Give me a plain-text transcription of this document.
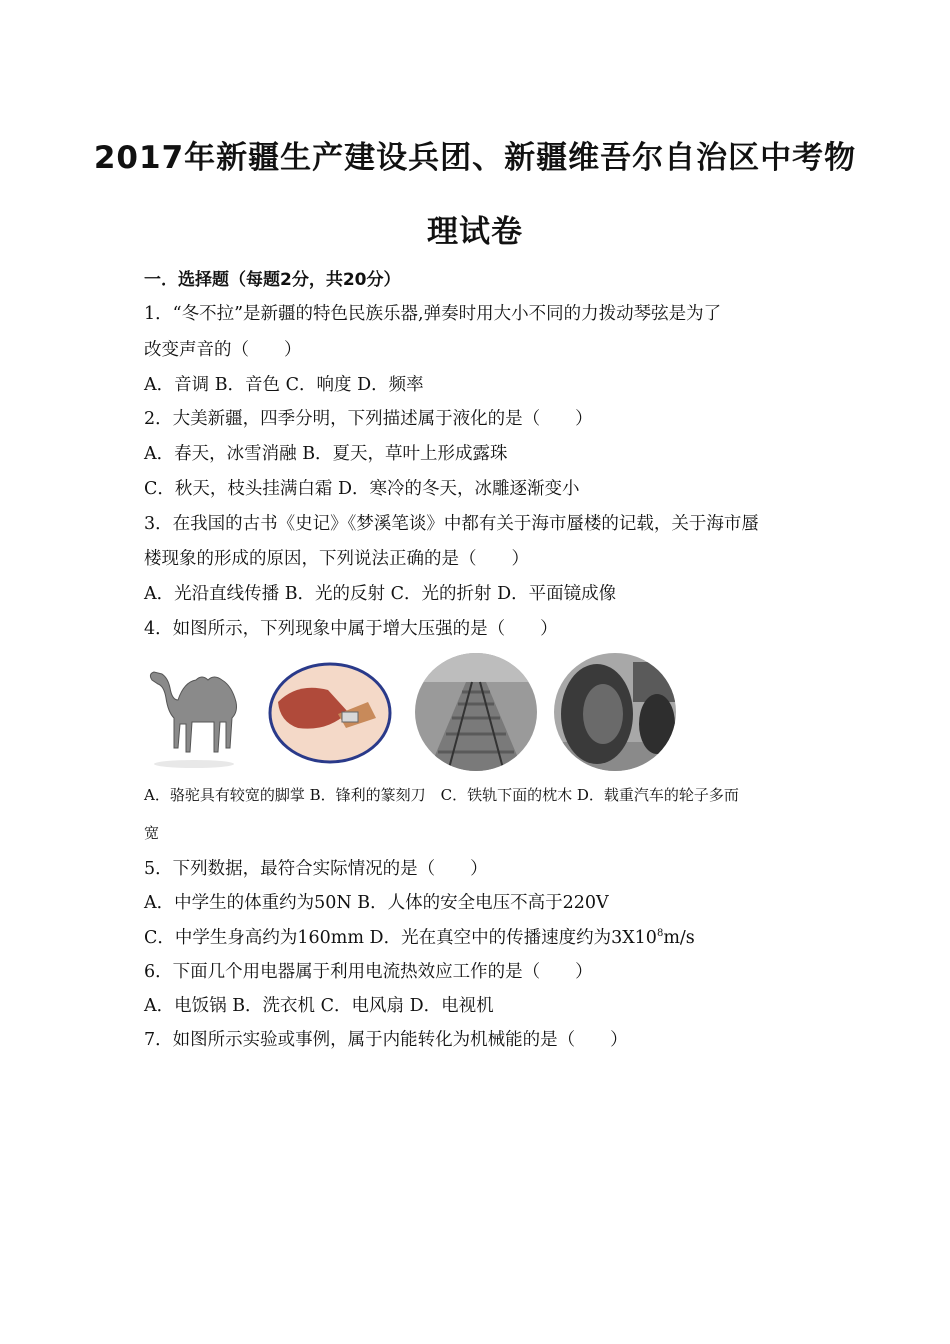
2017年新疆生产建设兵团、新疆维吾尔自治区中考物
理试卷
一．选择题（每题2分，共20分）
1．“冬不拉”是新疆的特色民族乐器,弹奏时用大小不同的力拨动琴弦是为了
改变声音的（　　）
A．音调 B．音色 C．响度 D．频率
2．大美新疆，四季分明，下列描述属于液化的是（　　）
A．春天，冰雪消融 B．夏天，草叶上形成露珠
C．秋天，枝头挂满白霜 D．寒冷的冬天，冰雕逐渐变小
3．在我国的古书《史记》《梦溪笔谈》中都有关于海市蜃楼的记载，关于海市蜃
楼现象的形成的原因，下列说法正确的是（　　）
A．光沿直线传播 B．光的反射 C．光的折射 D．平面镜成像
4．如图所示，下列现象中属于增大压强的是（　　）
A．骆驼具有较宽的脚掌 B．锋利的篆刻刀　C．铁轨下面的枕木 D．载重汽车的轮子多而
宽
5．下列数据，最符合实际情况的是（　　）
A．中学生的体重约为50N B．人体的安全电压不高于220V
C．中学生身高约为160mm D．光在真空中的传播速度约为$3X10^8m/s$
6．下面几个用电器属于利用电流热效应工作的是（　　）
A．电饭锅 B．洗衣机 C．电风扇 D．电视机
7．如图所示实验或事例，属于内能转化为机械能的是（　　）
